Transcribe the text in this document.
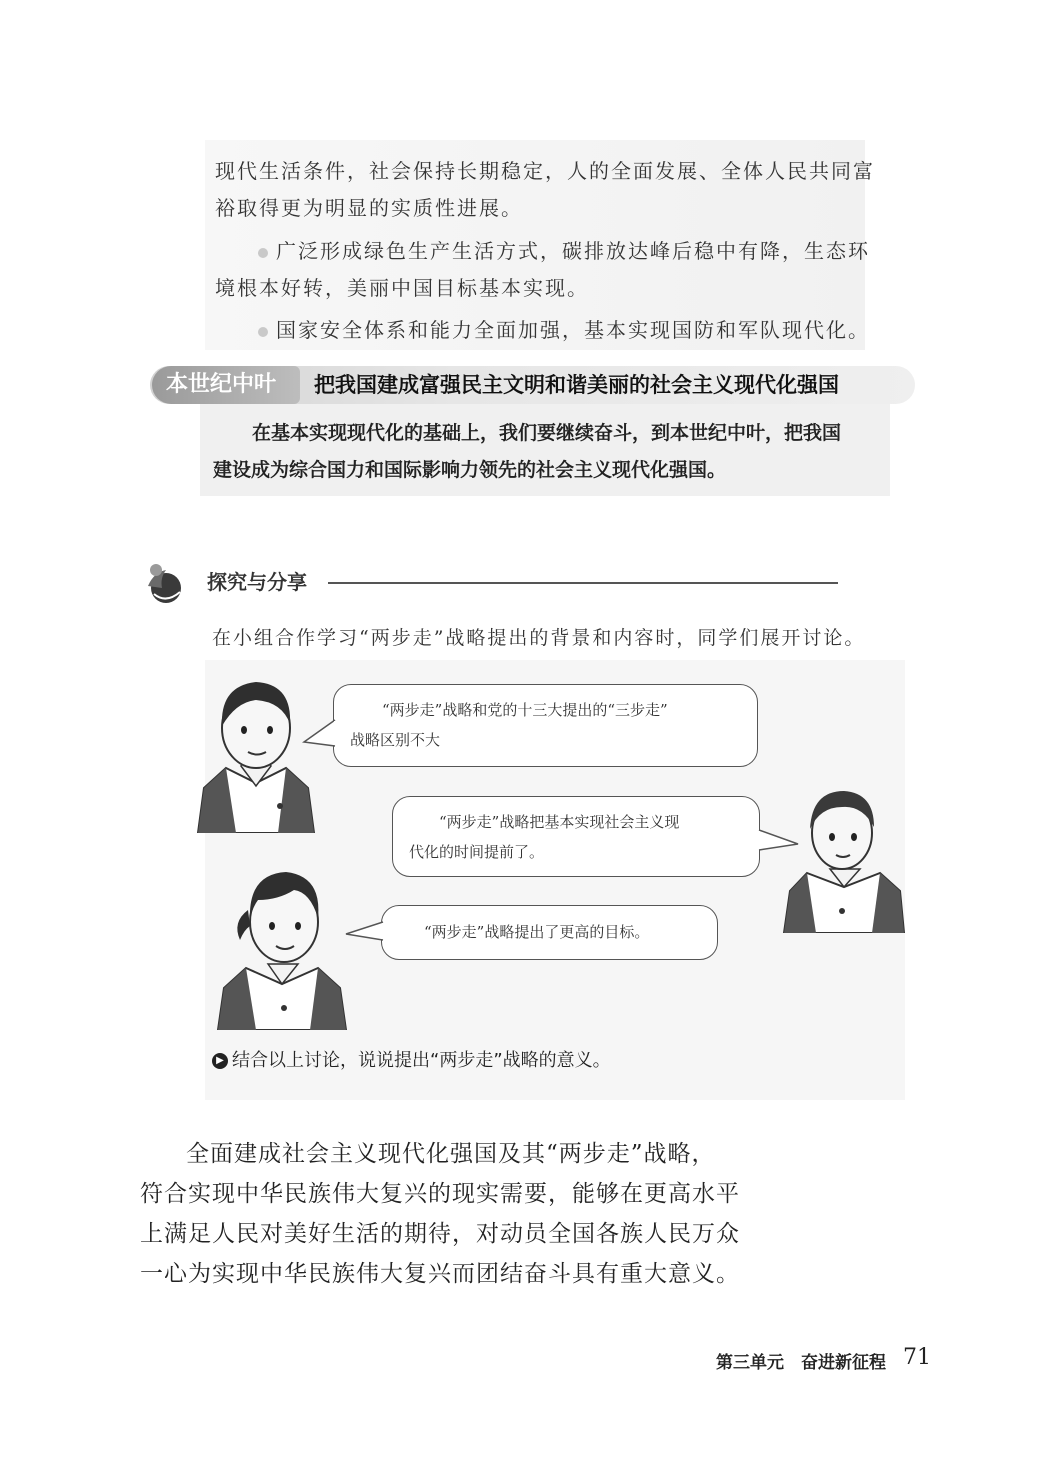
现代生活条件，社会保持长期稳定，人的全面发展、全体人民共同富
裕取得更为明显的实质性进展。
广泛形成绿色生产生活方式，碳排放达峰后稳中有降，生态环
境根本好转，美丽中国目标基本实现。
国家安全体系和能力全面加强，基本实现国防和军队现代化。
本世纪中叶	把我国建成富强民主文明和谐美丽的社会主义现代化强国
在基本实现现代化的基础上，我们要继续奋斗，到本世纪中叶，把我国
建设成为综合国力和国际影响力领先的社会主义现代化强国。
探究与分享
在小组合作学习“两步走”战略提出的背景和内容时，同学们展开讨论。
“两步走”战略和党的十三大提出的“三步走”
战略区别不大
“两步走”战略把基本实现社会主义现
代化的时间提前了。
“两步走”战略提出了更高的目标。
▶ 结合以上讨论，说说提出“两步走”战略的意义。
全面建成社会主义现代化强国及其“两步走”战略，
符合实现中华民族伟大复兴的现实需要，能够在更高水平
上满足人民对美好生活的期待，对动员全国各族人民万众
一心为实现中华民族伟大复兴而团结奋斗具有重大意义。
第三单元　奋进新征程 71
